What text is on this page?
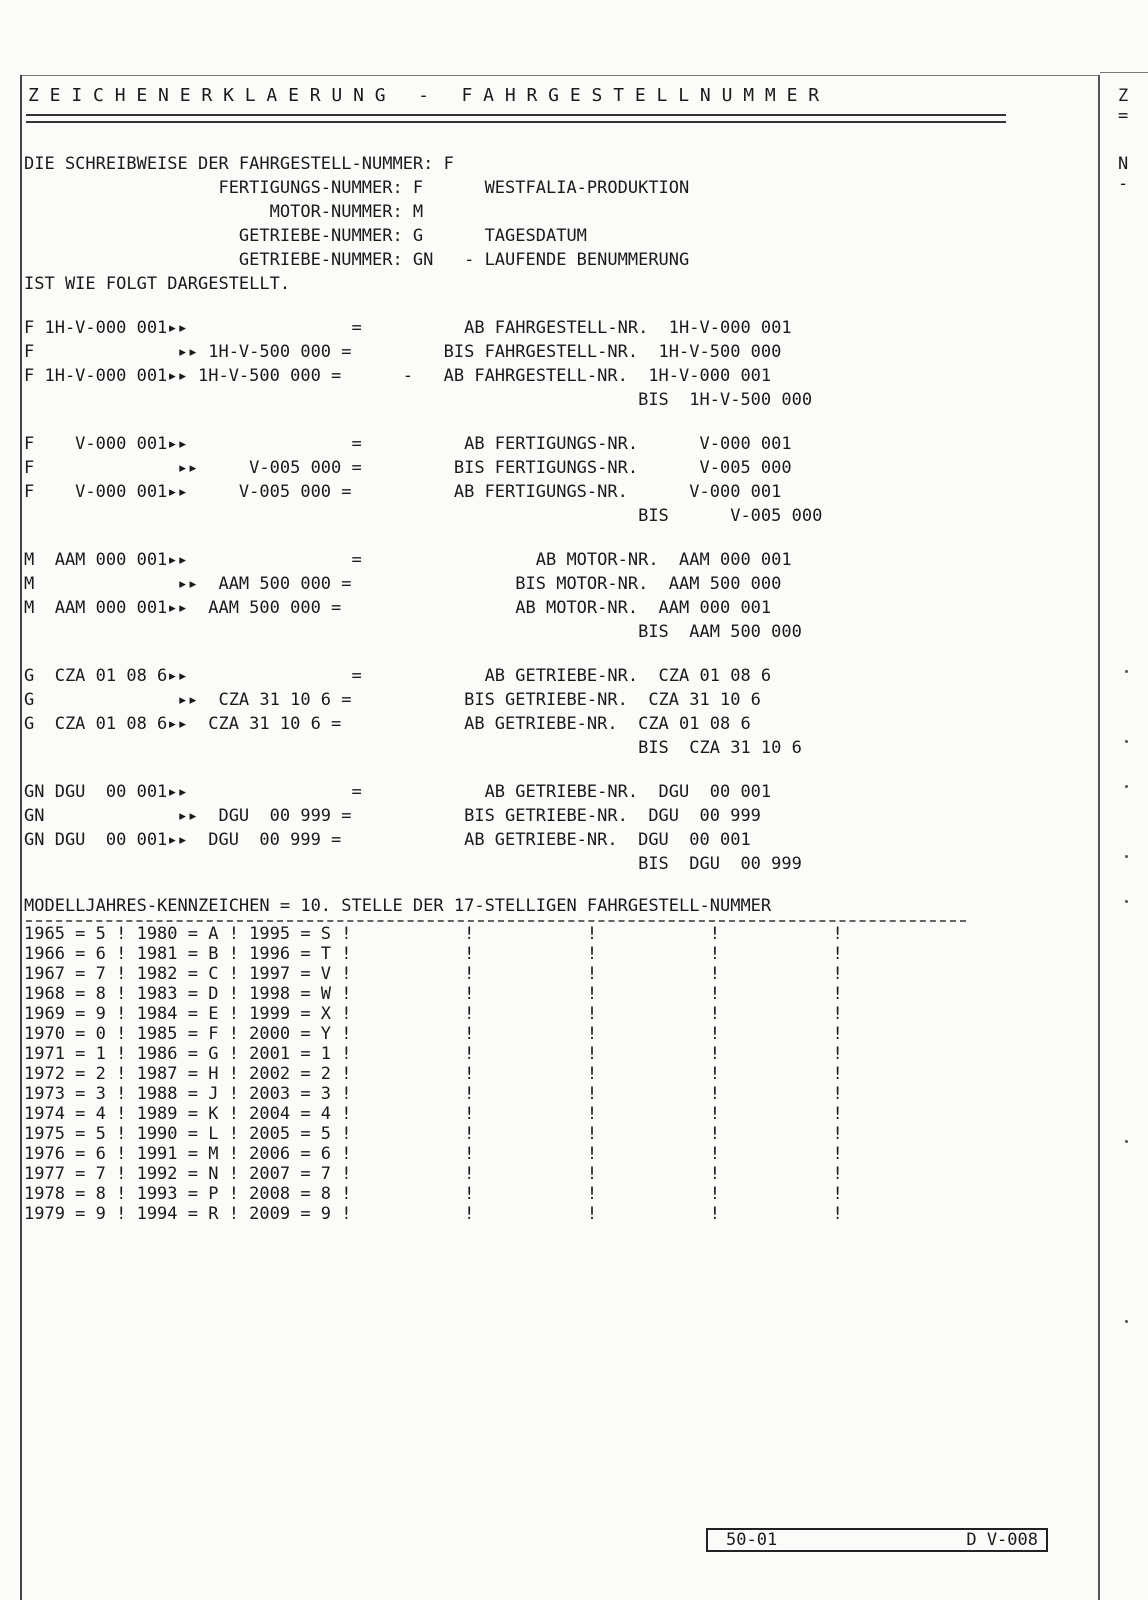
Z E I C H E N E R K L A E R U N G   -   F A H R G E S T E L L N U M M E R
DIE SCHREIBWEISE DER FAHRGESTELL-NUMMER: F
FERTIGUNGS-NUMMER: F      WESTFALIA-PRODUKTION
MOTOR-NUMMER: M
GETRIEBE-NUMMER: G      TAGESDATUM
GETRIEBE-NUMMER: GN   - LAUFENDE BENUMMERUNG
IST WIE FOLGT DARGESTELLT.
F 1H-V-000 001▸▸                =          AB FAHRGESTELL-NR.  1H-V-000 001
F              ▸▸ 1H-V-500 000 =         BIS FAHRGESTELL-NR.  1H-V-500 000
F 1H-V-000 001▸▸ 1H-V-500 000 =      -   AB FAHRGESTELL-NR.  1H-V-000 001
BIS  1H-V-500 000
F    V-000 001▸▸                =          AB FERTIGUNGS-NR.      V-000 001
F              ▸▸     V-005 000 =         BIS FERTIGUNGS-NR.      V-005 000
F    V-000 001▸▸     V-005 000 =          AB FERTIGUNGS-NR.      V-000 001
BIS      V-005 000
M  AAM 000 001▸▸                =                 AB MOTOR-NR.  AAM 000 001
M              ▸▸  AAM 500 000 =                BIS MOTOR-NR.  AAM 500 000
M  AAM 000 001▸▸  AAM 500 000 =                 AB MOTOR-NR.  AAM 000 001
BIS  AAM 500 000
G  CZA 01 08 6▸▸                =            AB GETRIEBE-NR.  CZA 01 08 6
G              ▸▸  CZA 31 10 6 =           BIS GETRIEBE-NR.  CZA 31 10 6
G  CZA 01 08 6▸▸  CZA 31 10 6 =            AB GETRIEBE-NR.  CZA 01 08 6
BIS  CZA 31 10 6
GN DGU  00 001▸▸                =            AB GETRIEBE-NR.  DGU  00 001
GN             ▸▸  DGU  00 999 =           BIS GETRIEBE-NR.  DGU  00 999
GN DGU  00 001▸▸  DGU  00 999 =            AB GETRIEBE-NR.  DGU  00 001
BIS  DGU  00 999
MODELLJAHRES-KENNZEICHEN = 10. STELLE DER 17-STELLIGEN FAHRGESTELL-NUMMER
1965 = 5 ! 1980 = A ! 1995 = S !           !           !           !           !
1966 = 6 ! 1981 = B ! 1996 = T !           !           !           !           !
1967 = 7 ! 1982 = C ! 1997 = V !           !           !           !           !
1968 = 8 ! 1983 = D ! 1998 = W !           !           !           !           !
1969 = 9 ! 1984 = E ! 1999 = X !           !           !           !           !
1970 = 0 ! 1985 = F ! 2000 = Y !           !           !           !           !
1971 = 1 ! 1986 = G ! 2001 = 1 !           !           !           !           !
1972 = 2 ! 1987 = H ! 2002 = 2 !           !           !           !           !
1973 = 3 ! 1988 = J ! 2003 = 3 !           !           !           !           !
1974 = 4 ! 1989 = K ! 2004 = 4 !           !           !           !           !
1975 = 5 ! 1990 = L ! 2005 = 5 !           !           !           !           !
1976 = 6 ! 1991 = M ! 2006 = 6 !           !           !           !           !
1977 = 7 ! 1992 = N ! 2007 = 7 !           !           !           !           !
1978 = 8 ! 1993 = P ! 2008 = 8 !           !           !           !           !
1979 = 9 ! 1994 = R ! 2009 = 9 !           !           !           !           !
Z
=
N
-
50-01	D V-008
